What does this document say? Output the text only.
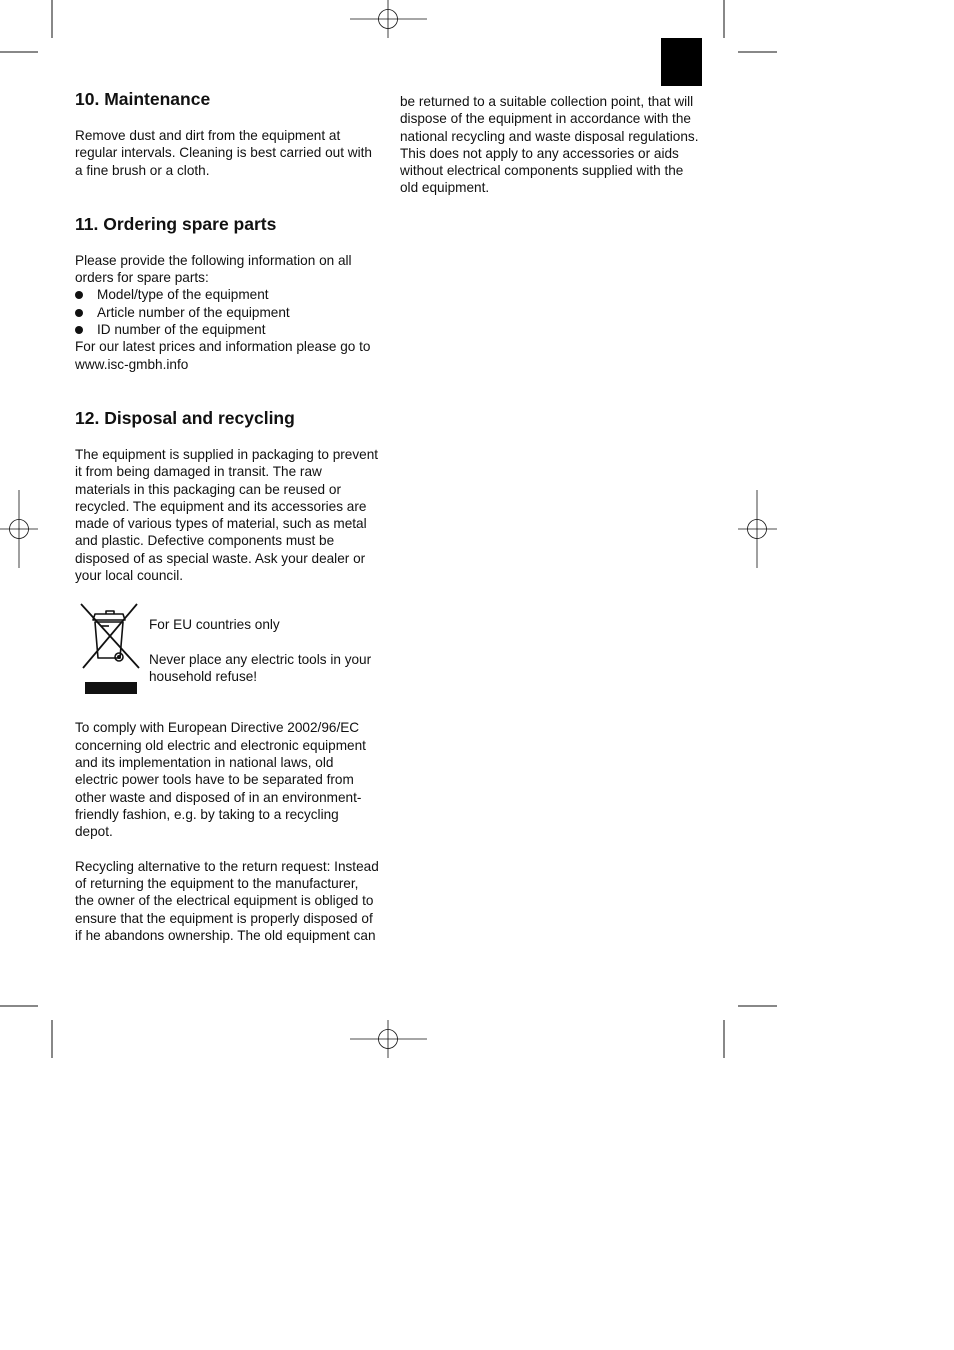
10. Maintenance

Remove dust and dirt from the equipment at regular intervals. Cleaning is best carried out with a fine brush or a cloth.

11. Ordering spare parts

Please provide the following information on all orders for spare parts:

Model/type of the equipment
Article number of the equipment
ID number of the equipment

For our latest prices and information please go to www.isc-gmbh.info

12. Disposal and recycling

The equipment is supplied in packaging to prevent it from being damaged in transit. The raw materials in this packaging can be reused or recycled. The equipment and its accessories are made of various types of material, such as metal and plastic. Defective components must be disposed of as special waste. Ask your dealer or your local council.

For EU countries only

Never place any electric tools in your household refuse!

To comply with European Directive 2002/96/EC concerning old electric and electronic equipment and its implementation in national laws, old electric power tools have to be separated from other waste and disposed of in an environment-friendly fashion, e.g. by taking to a recycling depot.

Recycling alternative to the return request: Instead of returning the equipment to the manufacturer, the owner of the electrical equipment is obliged to ensure that the equipment is properly disposed of if he abandons ownership. The old equipment can

be returned to a suitable collection point, that will dispose of the equipment in accordance with the national recycling and waste disposal regulations. This does not apply to any accessories or aids without electrical components supplied with the old equipment.
